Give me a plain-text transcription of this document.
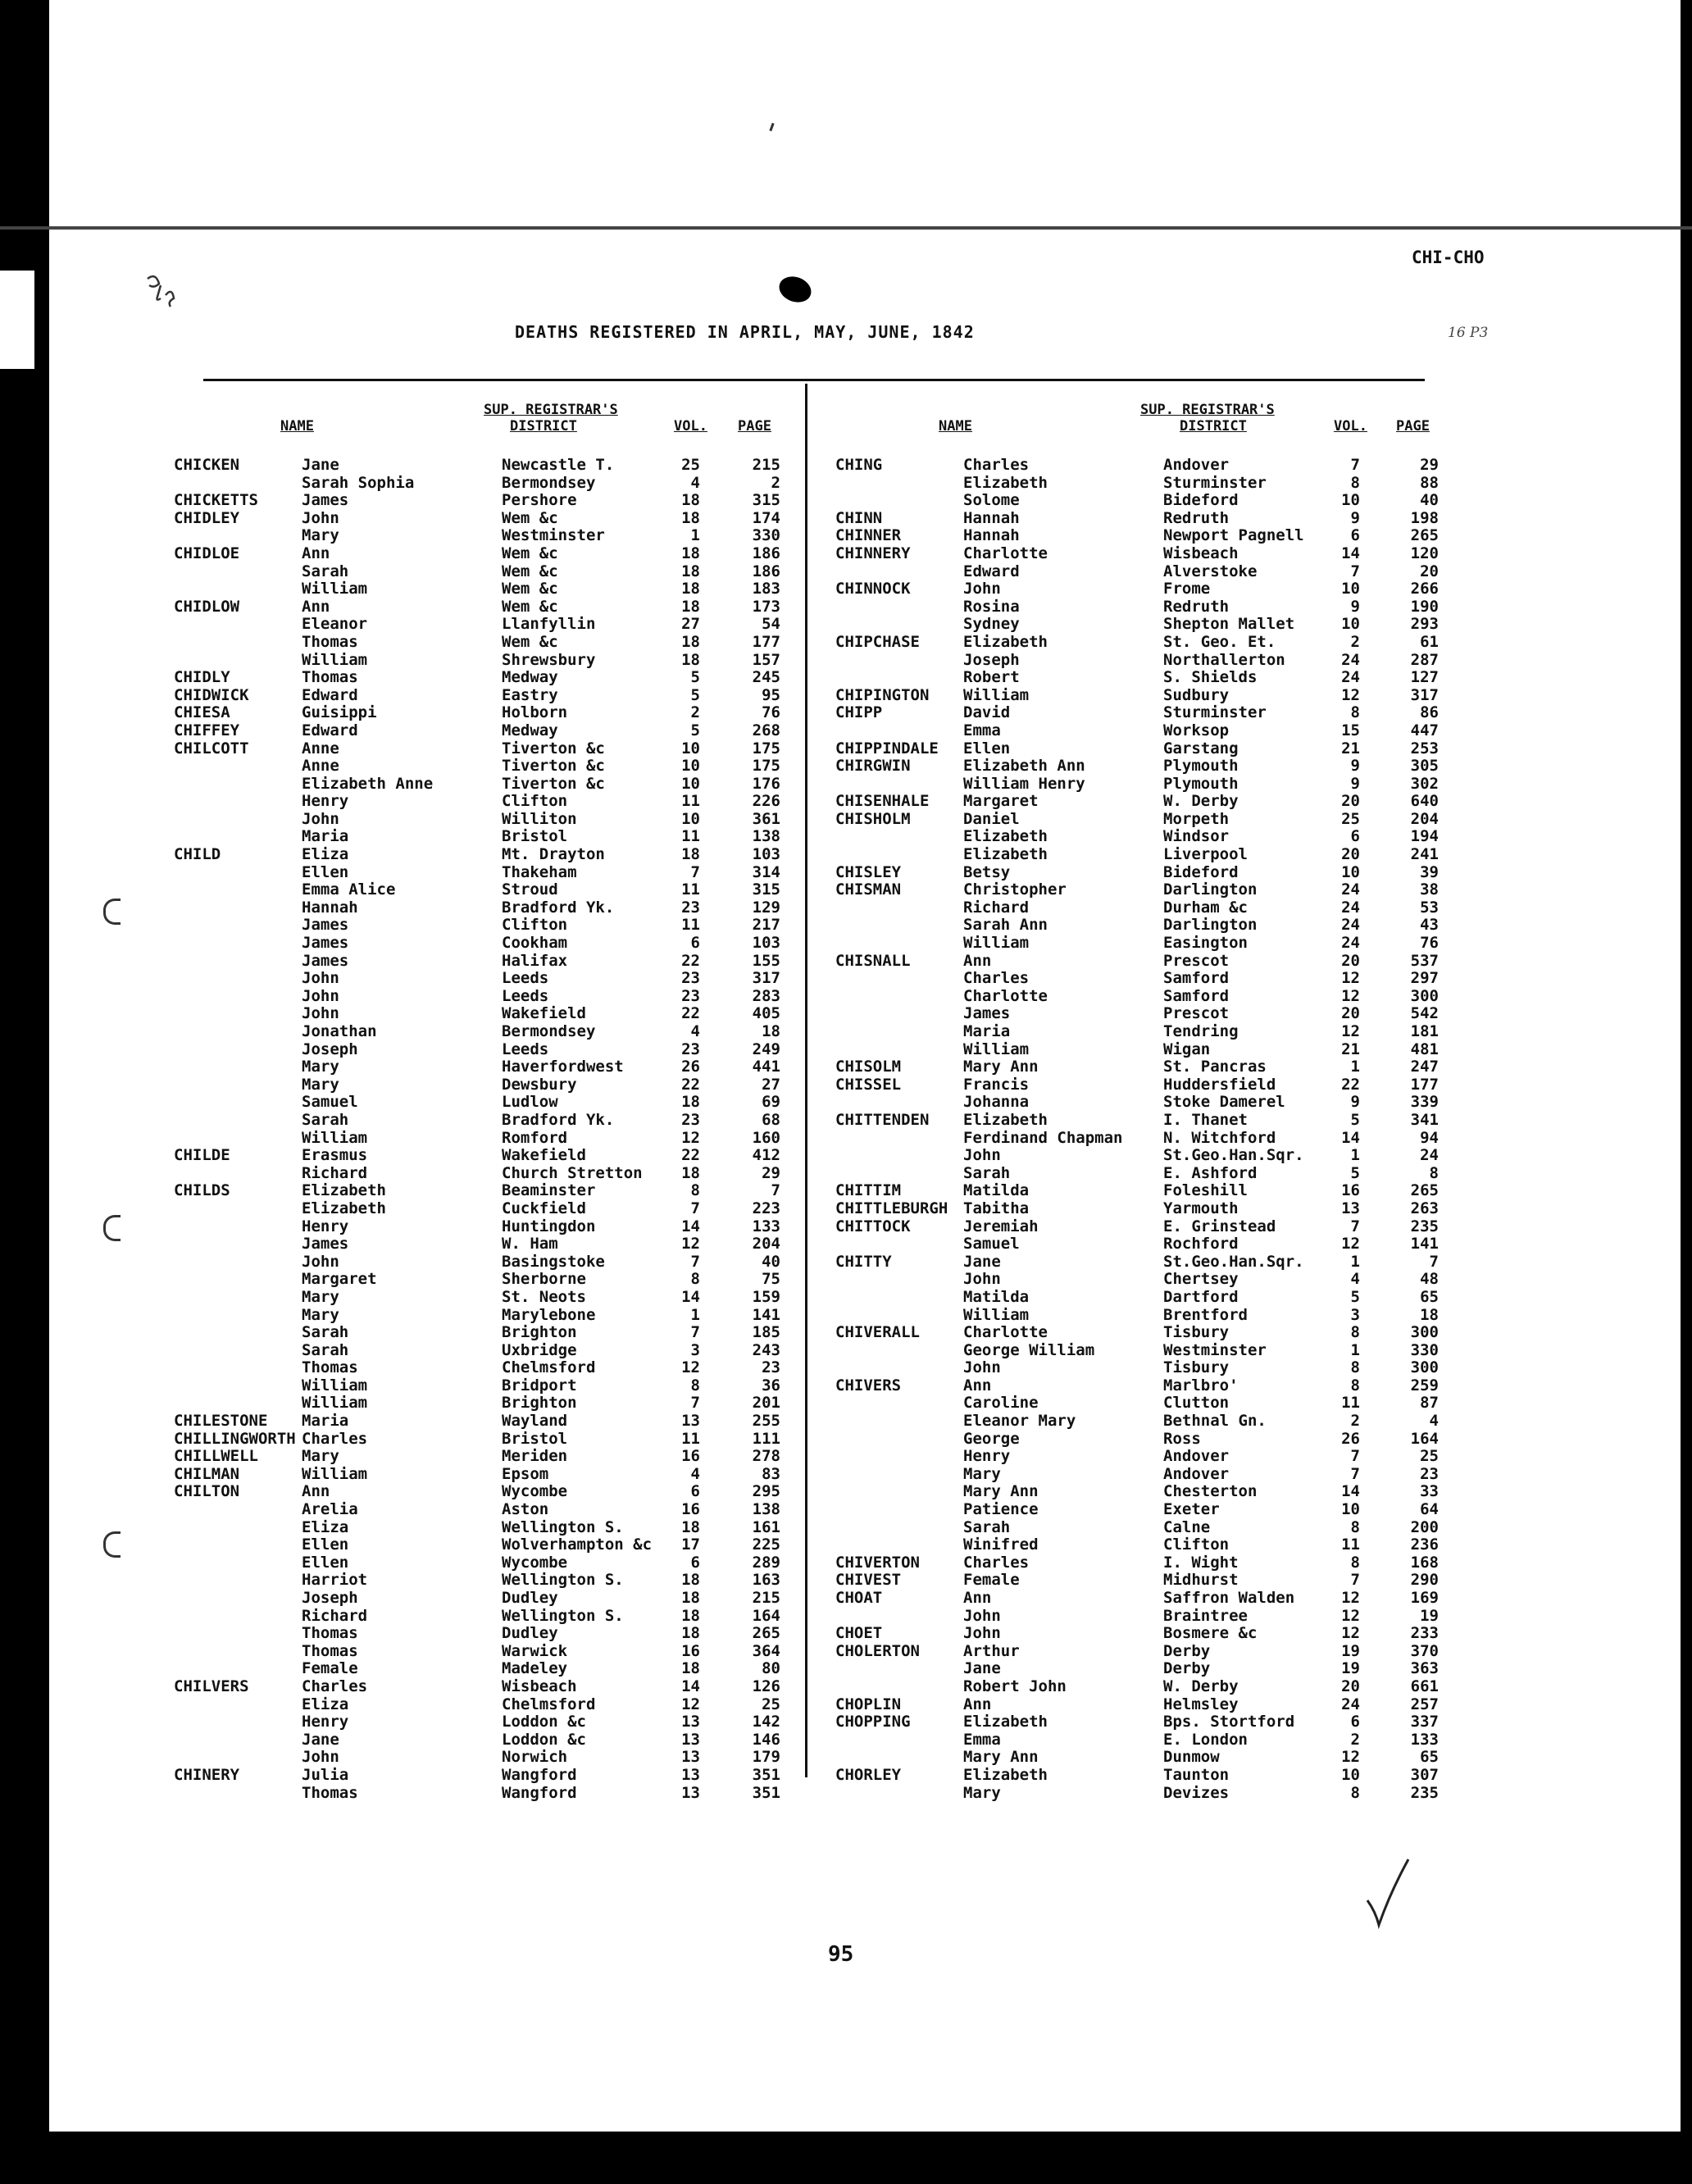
CHI-CHO
DEATHS REGISTERED IN APRIL, MAY, JUNE, 1842	16 P3
NAME
SUP. REGISTRAR'S
DISTRICT	VOL. PAGE
CHICKEN	Jane	Newcastle T.	25	215
Sarah Sophia	Bermondsey	4	2
CHICKETTS	James	Pershore	18	315
CHIDLEY	John	Wem &c	18	174
Mary	Westminster	1	330
CHIDLOE	Ann	Wem &c	18	186
Sarah	Wem &c	18	186
William	Wem &c	18	183
CHIDLOW	Ann	Wem &c	18	173
Eleanor	Llanfyllin	27	54
Thomas	Wem &c	18	177
William	Shrewsbury	18	157
CHIDLY	Thomas	Medway	5	245
CHIDWICK	Edward	Eastry	5	95
CHIESA	Guisippi	Holborn	2	76
CHIFFEY	Edward	Medway	5	268
CHILCOTT	Anne	Tiverton &c	10	175
Anne	Tiverton &c	10	175
Elizabeth Anne	Tiverton &c	10	176
Henry	Clifton	11	226
John	Williton	10	361
Maria	Bristol	11	138
CHILD	Eliza	Mt. Drayton	18	103
Ellen	Thakeham	7	314
Emma Alice	Stroud	11	315
Hannah	Bradford Yk.	23	129
James	Clifton	11	217
James	Cookham	6	103
James	Halifax	22	155
John	Leeds	23	317
John	Leeds	23	283
John	Wakefield	22	405
Jonathan	Bermondsey	4	18
Joseph	Leeds	23	249
Mary	Haverfordwest	26	441
Mary	Dewsbury	22	27
Samuel	Ludlow	18	69
Sarah	Bradford Yk.	23	68
William	Romford	12	160
CHILDE	Erasmus	Wakefield	22	412
Richard	Church Stretton	18	29
CHILDS	Elizabeth	Beaminster	8	7
Elizabeth	Cuckfield	7	223
Henry	Huntingdon	14	133
James	W. Ham	12	204
John	Basingstoke	7	40
Margaret	Sherborne	8	75
Mary	St. Neots	14	159
Mary	Marylebone	1	141
Sarah	Brighton	7	185
Sarah	Uxbridge	3	243
Thomas	Chelmsford	12	23
William	Bridport	8	36
William	Brighton	7	201
CHILESTONE Maria	Wayland	13	255
CHILLINGWORTH Charles	Bristol	11	111
CHILLWELL	Mary	Meriden	16	278
CHILMAN	William	Epsom	4	83
CHILTON	Ann	Wycombe	6	295
Arelia	Aston	16	138
Eliza	Wellington S.	18	161
Ellen	Wolverhampton &c	17	225
Ellen	Wycombe	6	289
Harriot	Wellington S.	18	163
Joseph	Dudley	18	215
Richard	Wellington S.	18	164
Thomas	Dudley	18	265
Thomas	Warwick	16	364
Female	Madeley	18	80
CHILVERS	Charles	Wisbeach	14	126
Eliza	Chelmsford	12	25
Henry	Loddon &c	13	142
Jane	Loddon &c	13	146
John	Norwich	13	179
CHINERY	Julia	Wangford	13	351
Thomas	Wangford	13	351
NAME
SUP. REGISTRAR'S
DISTRICT	VOL. PAGE
CHING	Charles	Andover	7	29
Elizabeth	Sturminster	8	88
Solome	Bideford	10	40
CHINN	Hannah	Redruth	9	198
CHINNER	Hannah	Newport Pagnell	6	265
CHINNERY	Charlotte	Wisbeach	14	120
Edward	Alverstoke	7	20
CHINNOCK	John	Frome	10	266
Rosina	Redruth	9	190
Sydney	Shepton Mallet	10	293
CHIPCHASE	Elizabeth	St. Geo. Et.	2	61
Joseph	Northallerton	24	287
Robert	S. Shields	24	127
CHIPINGTON William	Sudbury	12	317
CHIPP	David	Sturminster	8	86
Emma	Worksop	15	447
CHIPPINDALE Ellen	Garstang	21	253
CHIRGWIN	Elizabeth Ann	Plymouth	9	305
William Henry	Plymouth	9	302
CHISENHALE Margaret	W. Derby	20	640
CHISHOLM	Daniel	Morpeth	25	204
Elizabeth	Windsor	6	194
Elizabeth	Liverpool	20	241
CHISLEY	Betsy	Bideford	10	39
CHISMAN	Christopher	Darlington	24	38
Richard	Durham &c	24	53
Sarah Ann	Darlington	24	43
William	Easington	24	76
CHISNALL	Ann	Prescot	20	537
Charles	Samford	12	297
Charlotte	Samford	12	300
James	Prescot	20	542
Maria	Tendring	12	181
William	Wigan	21	481
CHISOLM	Mary Ann	St. Pancras	1	247
CHISSEL	Francis	Huddersfield	22	177
Johanna	Stoke Damerel	9	339
CHITTENDEN Elizabeth	I. Thanet	5	341
Ferdinand Chapman	N. Witchford	14	94
John	St.Geo.Han.Sqr.	1	24
Sarah	E. Ashford	5	8
CHITTIM	Matilda	Foleshill	16	265
CHITTLEBURGH Tabitha	Yarmouth	13	263
CHITTOCK	Jeremiah	E. Grinstead	7	235
Samuel	Rochford	12	141
CHITTY	Jane	St.Geo.Han.Sqr.	1	7
John	Chertsey	4	48
Matilda	Dartford	5	65
William	Brentford	3	18
CHIVERALL	Charlotte	Tisbury	8	300
George William	Westminster	1	330
John	Tisbury	8	300
CHIVERS	Ann	Marlbro'	8	259
Caroline	Clutton	11	87
Eleanor Mary	Bethnal Gn.	2	4
George	Ross	26	164
Henry	Andover	7	25
Mary	Andover	7	23
Mary Ann	Chesterton	14	33
Patience	Exeter	10	64
Sarah	Calne	8	200
Winifred	Clifton	11	236
CHIVERTON	Charles	I. Wight	8	168
CHIVEST	Female	Midhurst	7	290
CHOAT	Ann	Saffron Walden	12	169
John	Braintree	12	19
CHOET	John	Bosmere &c	12	233
CHOLERTON	Arthur	Derby	19	370
Jane	Derby	19	363
Robert John	W. Derby	20	661
CHOPLIN	Ann	Helmsley	24	257
CHOPPING	Elizabeth	Bps. Stortford	6	337
Emma	E. London	2	133
Mary Ann	Dunmow	12	65
CHORLEY	Elizabeth	Taunton	10	307
Mary	Devizes	8	235
95
